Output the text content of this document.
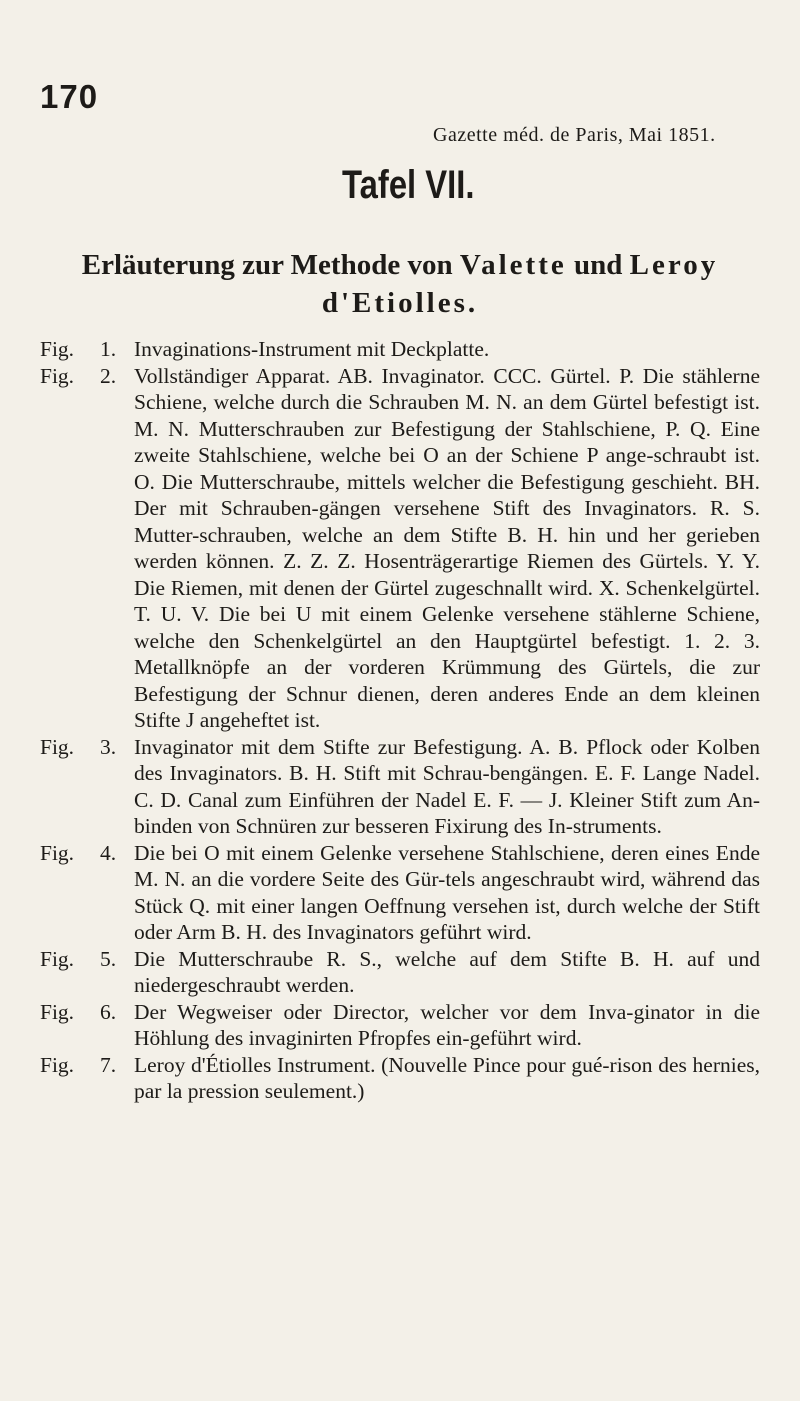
170
Gazette méd. de Paris, Mai 1851.
Tafel VII.
Erläuterung zur Methode von Valette und Leroy
d'Etiolles.
Fig.	1. Invaginations-Instrument mit Deckplatte.
Fig.	2. Vollständiger Apparat. AB. Invaginator. CCC. Gürtel. P. Die stählerne Schiene, welche durch die Schrauben M. N. an dem Gürtel befestigt ist. M. N. Mutterschrauben zur Befestigung der Stahlschiene, P. Q. Eine zweite Stahlschiene, welche bei O an der Schiene P ange-schraubt ist. O. Die Mutterschraube, mittels welcher die Befestigung geschieht. BH. Der mit Schrauben-gängen versehene Stift des Invaginators. R. S. Mutter-schrauben, welche an dem Stifte B. H. hin und her gerieben werden können. Z. Z. Z. Hosenträgerartige Riemen des Gürtels. Y. Y. Die Riemen, mit denen der Gürtel zugeschnallt wird. X. Schenkelgürtel. T. U. V. Die bei U mit einem Gelenke versehene stählerne Schiene, welche den Schenkelgürtel an den Hauptgürtel befestigt. 1. 2. 3. Metallknöpfe an der vorderen Krümmung des Gürtels, die zur Befestigung der Schnur dienen, deren anderes Ende an dem kleinen Stifte J angeheftet ist.
Fig.	3. Invaginator mit dem Stifte zur Befestigung. A. B. Pflock oder Kolben des Invaginators. B. H. Stift mit Schrau-bengängen. E. F. Lange Nadel. C. D. Canal zum Einführen der Nadel E. F. — J. Kleiner Stift zum An-binden von Schnüren zur besseren Fixirung des In-struments.
Fig.	4. Die bei O mit einem Gelenke versehene Stahlschiene, deren eines Ende M. N. an die vordere Seite des Gür-tels angeschraubt wird, während das Stück Q. mit einer langen Oeffnung versehen ist, durch welche der Stift oder Arm B. H. des Invaginators geführt wird.
Fig.	5. Die Mutterschraube R. S., welche auf dem Stifte B. H. auf und niedergeschraubt werden.
Fig.	6. Der Wegweiser oder Director, welcher vor dem Inva-ginator in die Höhlung des invaginirten Pfropfes ein-geführt wird.
Fig.	7. Leroy d'Étiolles Instrument. (Nouvelle Pince pour gué-rison des hernies, par la pression seulement.)
